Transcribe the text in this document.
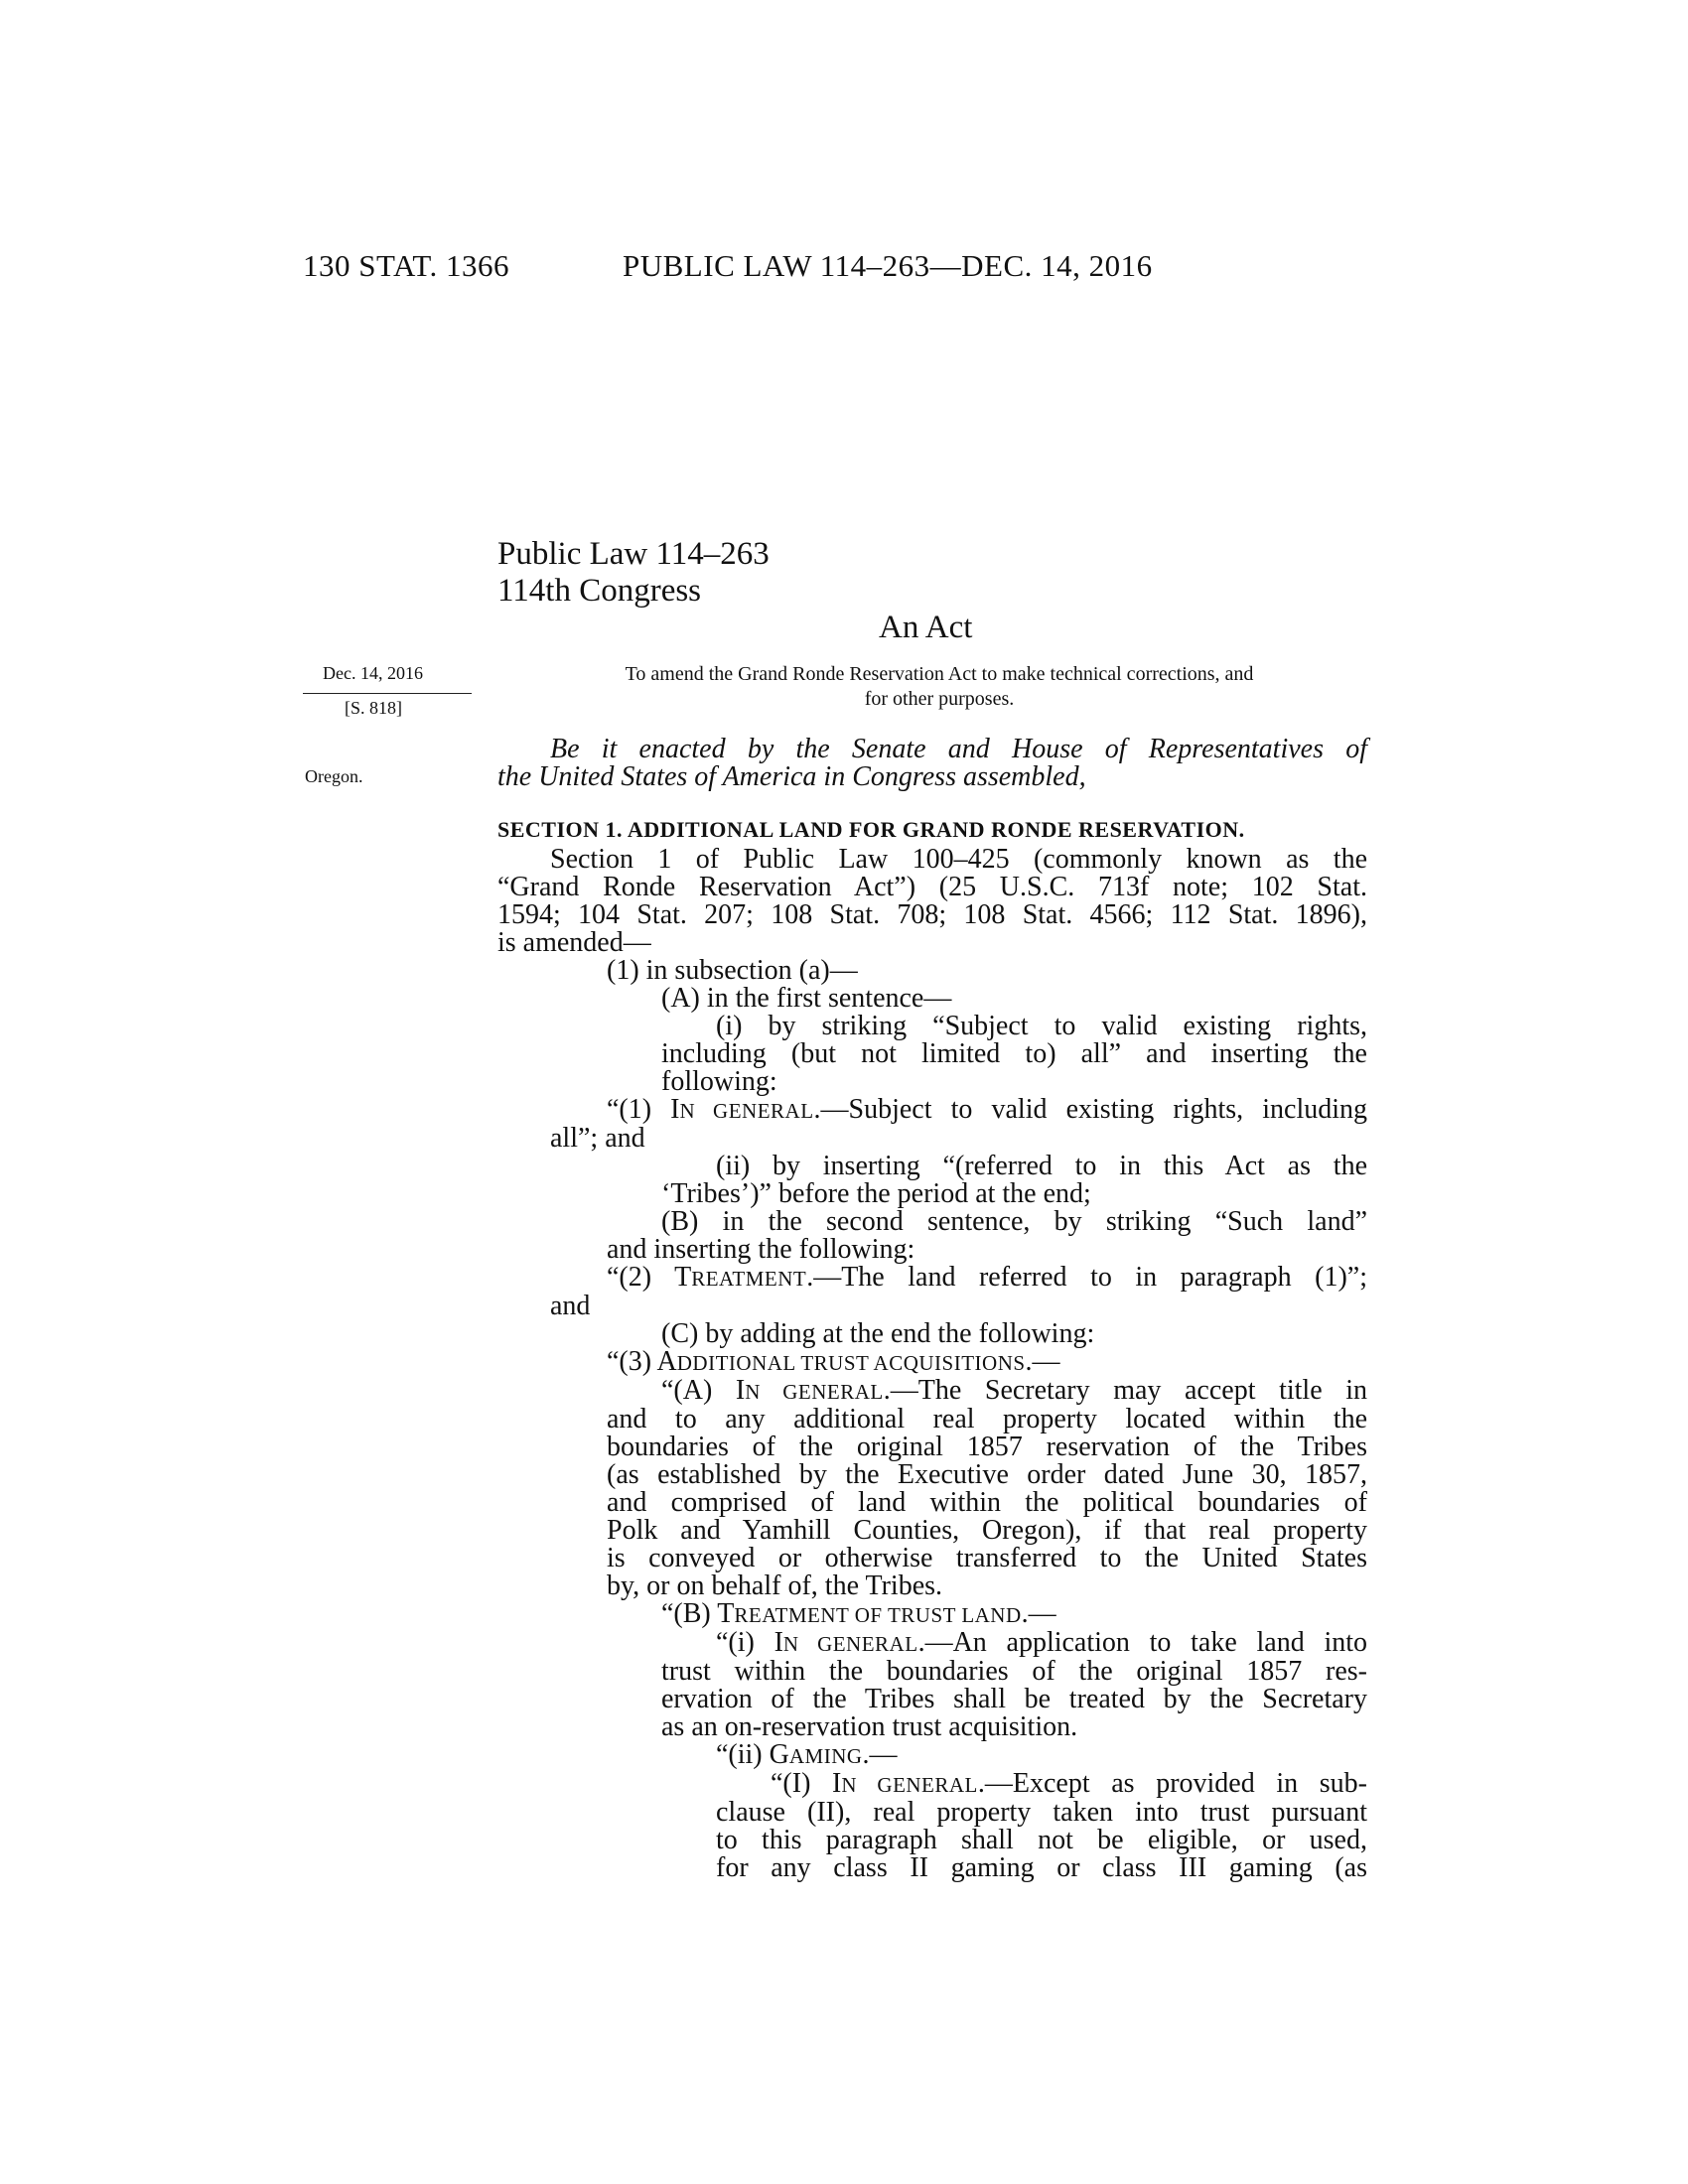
130 STAT. 1366	PUBLIC LAW 114–263—DEC. 14, 2016
Public Law 114–263
114th Congress
An Act
To amend the Grand Ronde Reservation Act to make technical corrections, and
for other purposes.
Dec. 14, 2016
[S. 818]
Oregon.
Be it enacted by the Senate and House of Representatives of
the United States of America in Congress assembled,
SECTION 1. ADDITIONAL LAND FOR GRAND RONDE RESERVATION.
Section 1 of Public Law 100–425 (commonly known as the
“Grand Ronde Reservation Act”) (25 U.S.C. 713f note; 102 Stat.
1594; 104 Stat. 207; 108 Stat. 708; 108 Stat. 4566; 112 Stat. 1896),
is amended—
(1) in subsection (a)—
(A) in the first sentence—
(i) by striking “Subject to valid existing rights,
including (but not limited to) all” and inserting the
following:
“(1) IN GENERAL.—Subject to valid existing rights, including
all”; and
(ii) by inserting “(referred to in this Act as the
‘Tribes’)” before the period at the end;
(B) in the second sentence, by striking “Such land”
and inserting the following:
“(2) TREATMENT.—The land referred to in paragraph (1)”;
and
(C) by adding at the end the following:
“(3) ADDITIONAL TRUST ACQUISITIONS.—
“(A) IN GENERAL.—The Secretary may accept title in
and to any additional real property located within the
boundaries of the original 1857 reservation of the Tribes
(as established by the Executive order dated June 30, 1857,
and comprised of land within the political boundaries of
Polk and Yamhill Counties, Oregon), if that real property
is conveyed or otherwise transferred to the United States
by, or on behalf of, the Tribes.
“(B) TREATMENT OF TRUST LAND.—
“(i) IN GENERAL.—An application to take land into
trust within the boundaries of the original 1857 res-
ervation of the Tribes shall be treated by the Secretary
as an on-reservation trust acquisition.
“(ii) GAMING.—
“(I) IN GENERAL.—Except as provided in sub-
clause (II), real property taken into trust pursuant
to this paragraph shall not be eligible, or used,
for any class II gaming or class III gaming (as
